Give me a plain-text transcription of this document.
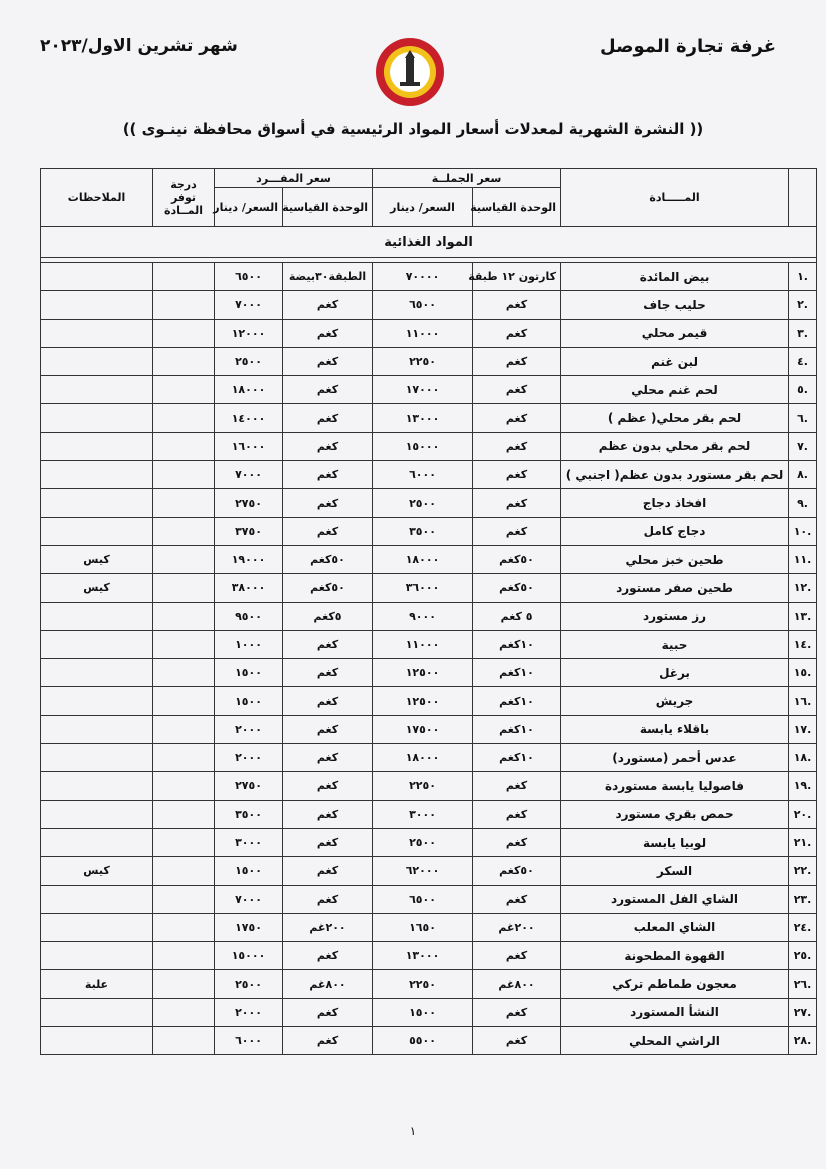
غرفة تجارة الموصل
شهر تشرين الاول/٢٠٢٣
(( النشرة الشهرية لمعدلات أسعار المواد الرئيسية في أسواق محافظة نينـوى ))
	المـــــادة	سعر الجملــة		سعر المفـــرد		درجة توفر المــادة	الملاحظات
		الوحدة القياسية	السعر/ دينار	الوحدة القياسية	السعر/ دينار		
المواد الغذائية							

.١	بيض المائدة	كارتون ١٢ طبقة	٧٠٠٠٠	الطبقة٣٠بيضة	٦٥٠٠		
.٢	حليب جاف	كغم	٦٥٠٠	كغم	٧٠٠٠		
.٣	قيمر محلي	كغم	١١٠٠٠	كغم	١٢٠٠٠		
.٤	لبن غنم	كغم	٢٢٥٠	كغم	٢٥٠٠		
.٥	لحم غنم محلي	كغم	١٧٠٠٠	كغم	١٨٠٠٠		
.٦	لحم بقر محلي( عظم )	كغم	١٣٠٠٠	كغم	١٤٠٠٠		
.٧	لحم بقر محلي بدون عظم	كغم	١٥٠٠٠	كغم	١٦٠٠٠		
.٨	لحم بقر مستورد بدون عظم( اجنبي )	كغم	٦٠٠٠	كغم	٧٠٠٠		
.٩	افخاذ دجاج	كغم	٢٥٠٠	كغم	٢٧٥٠		
.١٠	دجاج كامل	كغم	٣٥٠٠	كغم	٣٧٥٠		
.١١	طحين خبز محلي	٥٠كغم	١٨٠٠٠	٥٠كغم	١٩٠٠٠		كيس
.١٢	طحين صفر مستورد	٥٠كغم	٣٦٠٠٠	٥٠كغم	٣٨٠٠٠		كيس
.١٣	رز مستورد	٥ كغم	٩٠٠٠	٥كغم	٩٥٠٠		
.١٤	حبية	١٠كغم	١١٠٠٠	كغم	١٠٠٠		
.١٥	برغل	١٠كغم	١٢٥٠٠	كغم	١٥٠٠		
.١٦	جريش	١٠كغم	١٢٥٠٠	كغم	١٥٠٠		
.١٧	باقلاء يابسة	١٠كغم	١٧٥٠٠	كغم	٢٠٠٠		
.١٨	عدس أحمر (مستورد)	١٠كغم	١٨٠٠٠	كغم	٢٠٠٠		
.١٩	فاصوليا يابسة مستوردة	كغم	٢٢٥٠	كغم	٢٧٥٠		
.٢٠	حمص بقري مستورد	كغم	٣٠٠٠	كغم	٣٥٠٠		
.٢١	لوبيا يابسة	كغم	٢٥٠٠	كغم	٣٠٠٠		
.٢٢	السكر	٥٠كغم	٦٢٠٠٠	كغم	١٥٠٠		كيس
.٢٣	الشاي الفل المستورد	كغم	٦٥٠٠	كغم	٧٠٠٠		
.٢٤	الشاي المعلب	٢٠٠غم	١٦٥٠	٢٠٠غم	١٧٥٠		
.٢٥	القهوة المطحونة	كغم	١٣٠٠٠	كغم	١٥٠٠٠		
.٢٦	معجون طماطم تركي	٨٠٠غم	٢٢٥٠	٨٠٠غم	٢٥٠٠		علبة
.٢٧	النشأ المستورد	كغم	١٥٠٠	كغم	٢٠٠٠		
.٢٨	الراشي المحلي	كغم	٥٥٠٠	كغم	٦٠٠٠		
١
